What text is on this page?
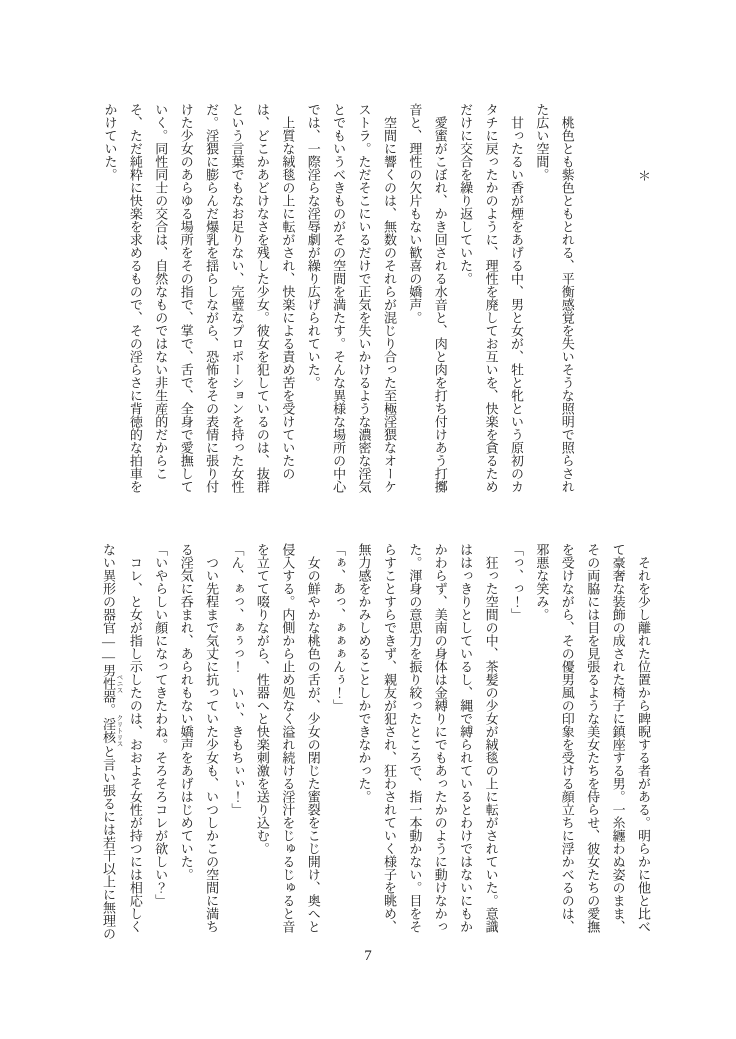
＊

桃色とも紫色ともとれる、平衡感覚を失いそうな照明で照らされ

た広い空間。

甘ったるい香が煙をあげる中、男と女が、牡と牝という原初のカ

タチに戻ったかのように、理性を廃してお互いを、快楽を貪るため

だけに交合を繰り返していた。

愛蜜がこぼれ、かき回される水音と、肉と肉を打ち付けあう打擲

音と、理性の欠片もない歓喜の嬌声。

空間に響くのは、無数のそれらが混じり合った至極淫猥なオーケ

ストラ。ただそこにいるだけで正気を失いかけるような濃密な淫気

とでもいうべきものがその空間を満たす。そんな異様な場所の中心

では、一際淫らな淫辱劇が繰り広げられていた。

上質な絨毯の上に転がされ、快楽による責め苦を受けていたの

は、どこかあどけなさを残した少女。彼女を犯しているのは、抜群

という言葉でもなお足りない、完璧なプロポーションを持った女性

だ。淫猥に膨らんだ爆乳を揺らしながら、恐怖をその表情に張り付

けた少女のあらゆる場所をその指で、掌で、舌で、全身で愛撫して

いく。同性同士の交合は、自然なものではない非生産的だからこ

そ、ただ純粋に快楽を求めるもので、その淫らさに背徳的な拍車を

かけていた。

それを少し離れた位置から睥睨する者がある。明らかに他と比べ

て豪奢な装飾の成された椅子に鎮座する男。一糸纏わぬ姿のまま、

その両脇には目を見張るような美女たちを侍らせ、彼女たちの愛撫

を受けながら、その優男風の印象を受ける顔立ちに浮かべるのは、

邪悪な笑み。

「っ、っ！」

狂った空間の中、茶髪の少女が絨毯の上に転がされていた。意識

ははっきりとしているし、縄で縛られているとわけではないにもか

かわらず、美南の身体は金縛りにでもあったかのように動けなかっ

た。渾身の意思力を振り絞ったところで、指一本動かない。目をそ

らすことすらできず、親友が犯され、狂わされていく様子を眺め、

無力感をかみしめることしかできなかった。

「ぁ、あっ、ぁぁぁんぅ！」

女の鮮やかな桃色の舌が、少女の閉じた蜜裂をこじ開け、奥へと

侵入する。内側から止め処なく溢れ続ける淫汁をじゅるじゅると音

を立てて啜りながら、性器へと快楽刺激を送り込む。

「ん、ぁっ、ぁぅっ！　いぃ、きもちぃぃ！」

つい先程まで気丈に抗っていた少女も、いつしかこの空間に満ち

る淫気に呑まれ、あられもない嬌声をあげはじめていた。

「いやらしい顔になってきたわね。そろそろコレが欲しい？」

コレ、と女が指し示したのは、おおよそ女性が持つには相応しく

ない異形の器官――男性器 ペニス。淫核 クリトリスと言い張るには若干以上に無理の

7
